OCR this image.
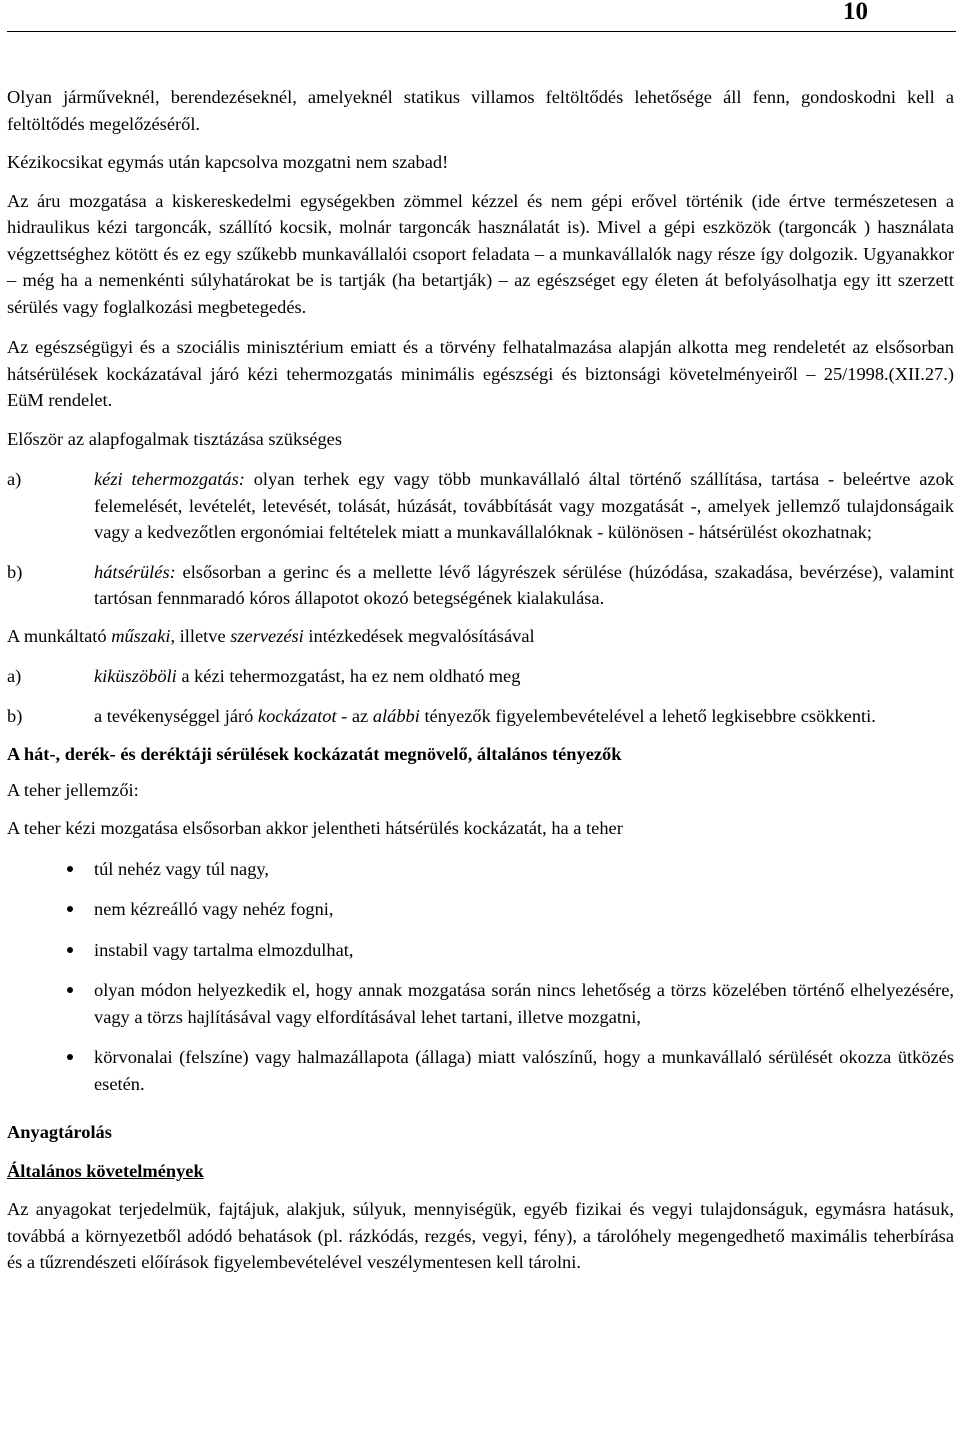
10

Olyan járműveknél, berendezéseknél, amelyeknél statikus villamos feltöltődés lehetősége áll fenn, gondoskodni kell a feltöltődés megelőzéséről.

Kézikocsikat egymás után kapcsolva mozgatni nem szabad!

Az áru mozgatása a kiskereskedelmi egységekben zömmel kézzel és nem gépi erővel történik (ide értve természetesen a hidraulikus kézi targoncák, szállító kocsik, molnár targoncák használatát is). Mivel a gépi eszközök (targoncák ) használata végzettséghez kötött és ez egy szűkebb munkavállalói csoport feladata – a munkavállalók nagy része így dolgozik. Ugyanakkor – még ha a nemenkénti súlyhatárokat be is tartják (ha betartják) – az egészséget egy életen át befolyásolhatja egy itt szerzett sérülés vagy foglalkozási megbetegedés.

Az egészségügyi és a szociális minisztérium emiatt és a törvény felhatalmazása alapján alkotta meg rendeletét az elsősorban hátsérülések kockázatával járó kézi tehermozgatás minimális egészségi és biztonsági követelményeiről – 25/1998.(XII.27.) EüM rendelet.

Először az alapfogalmak tisztázása szükséges

a)	kézi tehermozgatás: olyan terhek egy vagy több munkavállaló által történő szállítása, tartása - beleértve azok felemelését, levételét, letevését, tolását, húzását, továbbítását vagy mozgatását -, amelyek jellemző tulajdonságaik vagy a kedvezőtlen ergonómiai feltételek miatt a munkavállalóknak - különösen - hátsérülést okozhatnak;
b)	hátsérülés: elsősorban a gerinc és a mellette lévő lágyrészek sérülése (húzódása, szakadása, bevérzése), valamint tartósan fennmaradó kóros állapotot okozó betegségének kialakulása.

A munkáltató műszaki, illetve szervezési intézkedések megvalósításával

a)	kiküszöböli a kézi tehermozgatást, ha ez nem oldható meg
b)	a tevékenységgel járó kockázatot - az alábbi tényezők figyelembevételével a lehető legkisebbre csökkenti.

A hát-, derék- és deréktáji sérülések kockázatát megnövelő, általános tényezők

A teher jellemzői:

A teher kézi mozgatása elsősorban akkor jelentheti hátsérülés kockázatát, ha a teher

túl nehéz vagy túl nagy,
nem kézreálló vagy nehéz fogni,
instabil vagy tartalma elmozdulhat,
olyan módon helyezkedik el, hogy annak mozgatása során nincs lehetőség a törzs közelében történő elhelyezésére, vagy a törzs hajlításával vagy elfordításával lehet tartani, illetve mozgatni,
körvonalai (felszíne) vagy halmazállapota (állaga) miatt valószínű, hogy a munkavállaló sérülését okozza ütközés esetén.

Anyagtárolás

Általános követelmények

Az anyagokat terjedelmük, fajtájuk, alakjuk, súlyuk, mennyiségük, egyéb fizikai és vegyi tulajdonságuk, egymásra hatásuk, továbbá a környezetből adódó behatások (pl. rázkódás, rezgés, vegyi, fény), a tárolóhely megengedhető maximális teherbírása és a tűzrendészeti előírások figyelembevételével veszélymentesen kell tárolni.
